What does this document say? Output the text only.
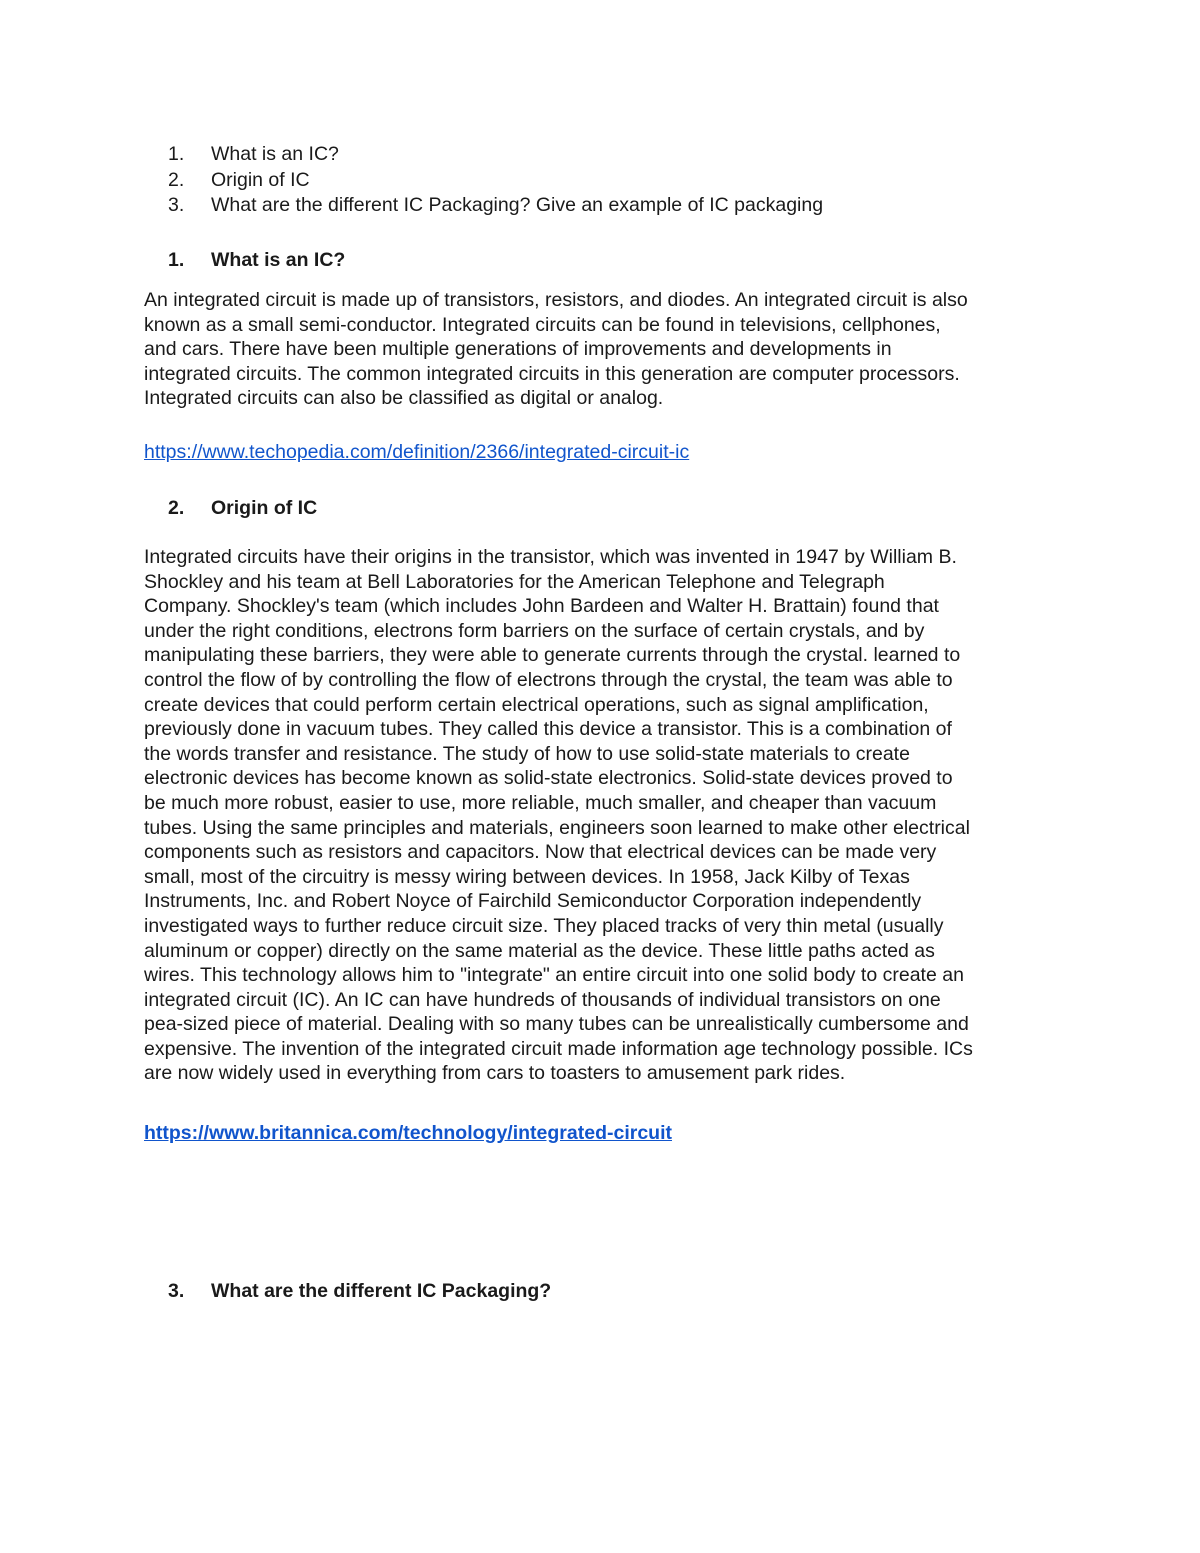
1.	What is an IC?
2.	Origin of IC
3.	What are the different IC Packaging? Give an example of IC packaging
1.	What is an IC?

An integrated circuit is made up of transistors, resistors, and diodes. An integrated circuit is also
known as a small semi-conductor. Integrated circuits can be found in televisions, cellphones,
and cars. There have been multiple generations of improvements and developments in
integrated circuits. The common integrated circuits in this generation are computer processors.
Integrated circuits can also be classified as digital or analog.

https://www.techopedia.com/definition/2366/integrated-circuit-ic
2.	Origin of IC

Integrated circuits have their origins in the transistor, which was invented in 1947 by William B.
Shockley and his team at Bell Laboratories for the American Telephone and Telegraph
Company. Shockley's team (which includes John Bardeen and Walter H. Brattain) found that
under the right conditions, electrons form barriers on the surface of certain crystals, and by
manipulating these barriers, they were able to generate currents through the crystal. learned to
control the flow of by controlling the flow of electrons through the crystal, the team was able to
create devices that could perform certain electrical operations, such as signal amplification,
previously done in vacuum tubes. They called this device a transistor. This is a combination of
the words transfer and resistance. The study of how to use solid-state materials to create
electronic devices has become known as solid-state electronics. Solid-state devices proved to
be much more robust, easier to use, more reliable, much smaller, and cheaper than vacuum
tubes. Using the same principles and materials, engineers soon learned to make other electrical
components such as resistors and capacitors. Now that electrical devices can be made very
small, most of the circuitry is messy wiring between devices. In 1958, Jack Kilby of Texas
Instruments, Inc. and Robert Noyce of Fairchild Semiconductor Corporation independently
investigated ways to further reduce circuit size. They placed tracks of very thin metal (usually
aluminum or copper) directly on the same material as the device. These little paths acted as
wires. This technology allows him to "integrate" an entire circuit into one solid body to create an
integrated circuit (IC). An IC can have hundreds of thousands of individual transistors on one
pea-sized piece of material. Dealing with so many tubes can be unrealistically cumbersome and
expensive. The invention of the integrated circuit made information age technology possible. ICs
are now widely used in everything from cars to toasters to amusement park rides.

https://www.britannica.com/technology/integrated-circuit
3.	What are the different IC Packaging?
